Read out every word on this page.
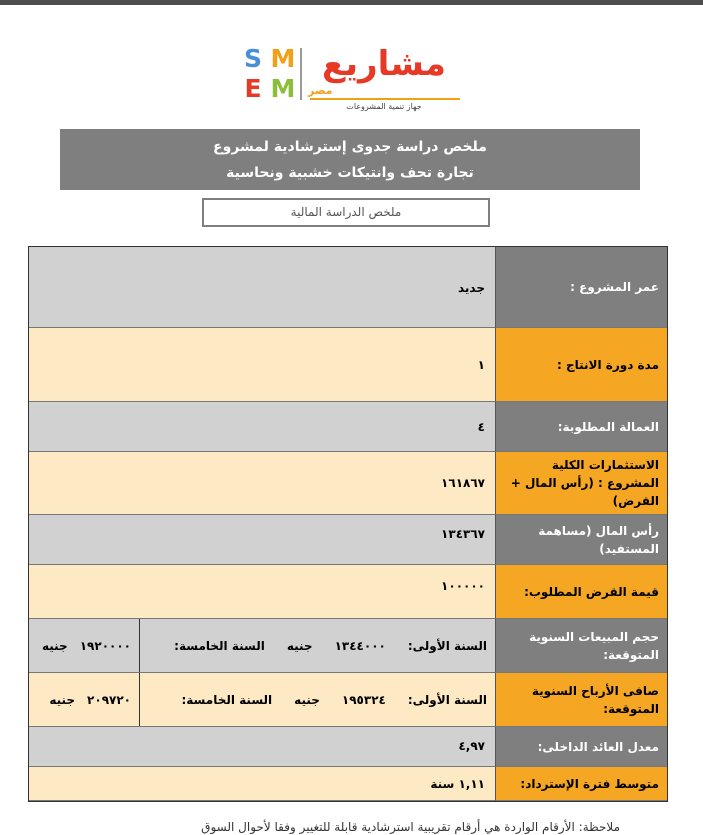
M
S
M
E
مشاريع
مصر
جهاز تنمية المشروعات
ملخص دراسة جدوى إسترشادية لمشروع
تجارة تحف وانتيكات خشبية ونحاسية
ملخص الدراسة المالية
عمر المشروع :
جديد
مدة دورة الانتاج :
١
العمالة المطلوبة:
٤
الاستثمارات الكلية المشروع : (رأس المال + القرض)
١٦١٨٦٧
رأس المال (مساهمة المستفيد)
١٣٤٣٦٧
قيمة القرض المطلوب:
١٠٠٠٠٠
حجم المبيعات السنوية المتوقعة:
السنة الأولى:
١٣٤٤٠٠٠
جنيه
السنة الخامسة:
١٩٢٠٠٠٠
جنيه
صافى الأرباح السنوية المتوقعة:
السنة الأولى:
١٩٥٣٢٤
جنيه
السنة الخامسة:
٢٠٩٧٢٠
جنيه
معدل العائد الداخلى:
٤,٩٧
متوسط فترة الإسترداد:
١,١١ سنة
ملاحظة: الأرقام الواردة هي أرقام تقريبية استرشادية قابلة للتغيير وفقا لأحوال السوق
